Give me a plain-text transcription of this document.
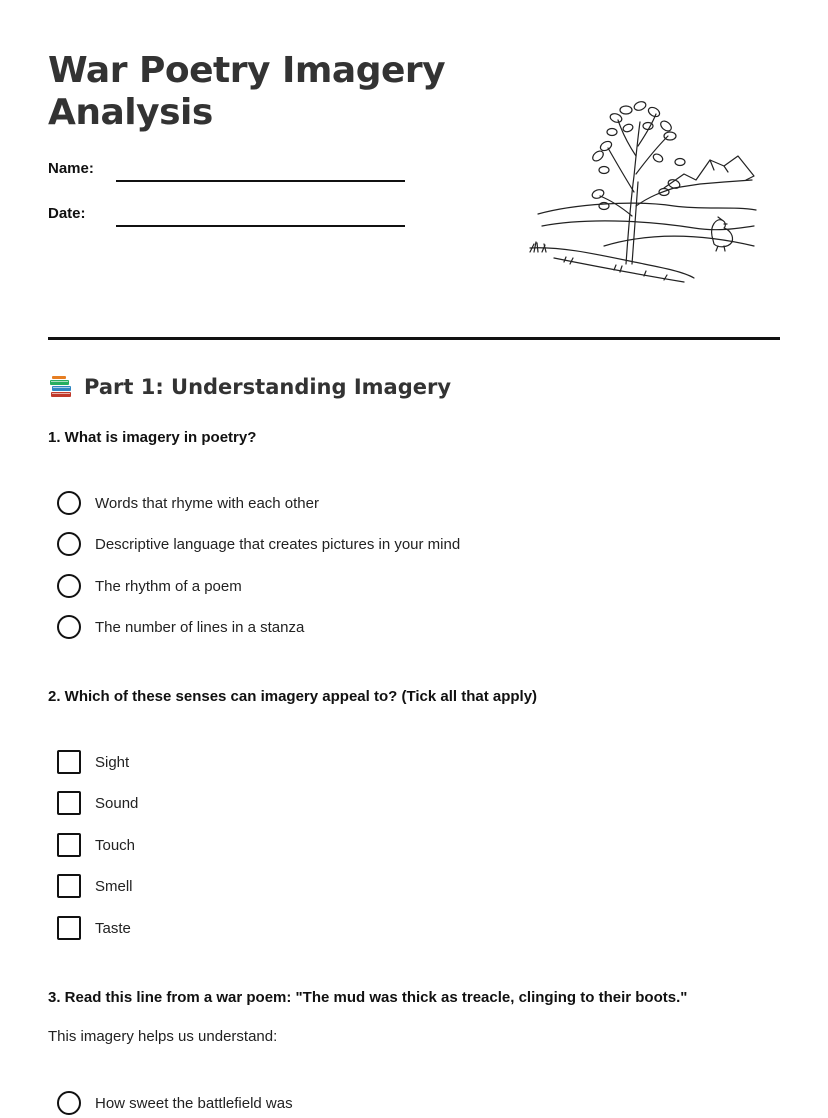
War Poetry Imagery Analysis
Name:
Date:
Part 1: Understanding Imagery
1. What is imagery in poetry?
Words that rhyme with each other
Descriptive language that creates pictures in your mind
The rhythm of a poem
The number of lines in a stanza
2. Which of these senses can imagery appeal to? (Tick all that apply)
Sight
Sound
Touch
Smell
Taste
3. Read this line from a war poem: "The mud was thick as treacle, clinging to their boots."
This imagery helps us understand:
How sweet the battlefield was
